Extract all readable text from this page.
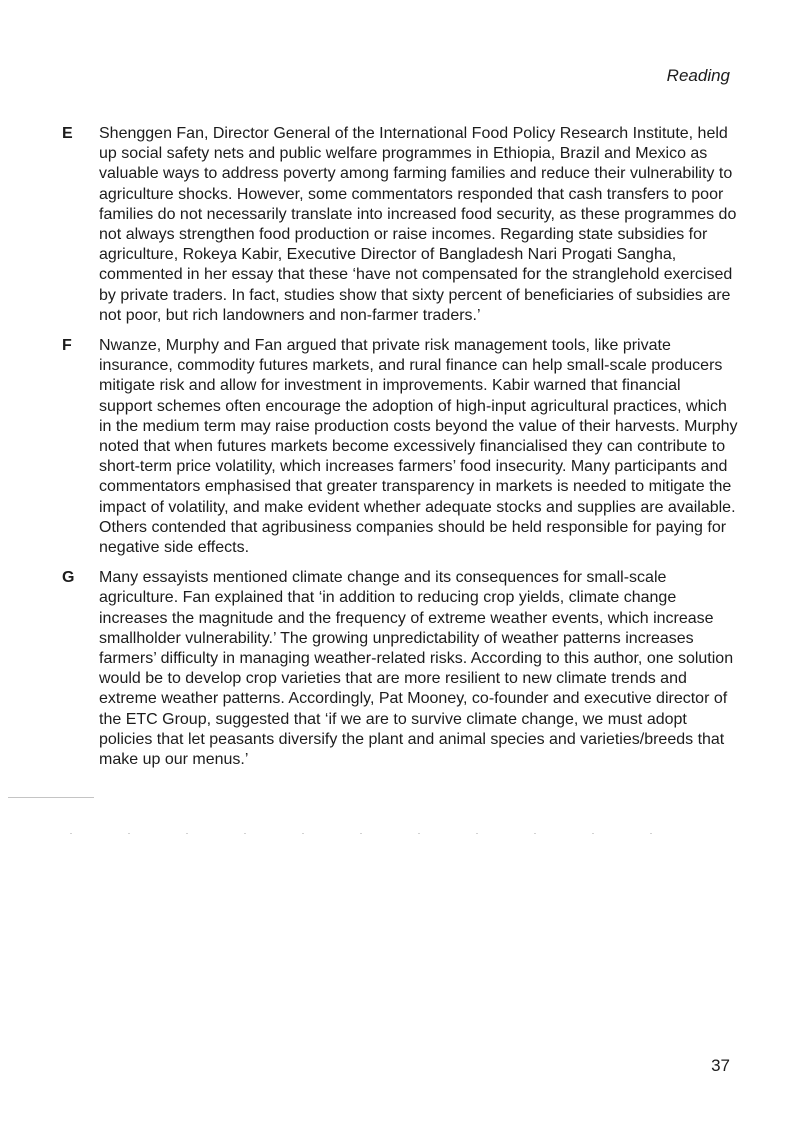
Reading
E	Shenggen Fan, Director General of the International Food Policy Research Institute, held up social safety nets and public welfare programmes in Ethiopia, Brazil and Mexico as valuable ways to address poverty among farming families and reduce their vulnerability to agriculture shocks. However, some commentators responded that cash transfers to poor families do not necessarily translate into increased food security, as these programmes do not always strengthen food production or raise incomes. Regarding state subsidies for agriculture, Rokeya Kabir, Executive Director of Bangladesh Nari Progati Sangha, commented in her essay that these ‘have not compensated for the stranglehold exercised by private traders. In fact, studies show that sixty percent of beneficiaries of subsidies are not poor, but rich landowners and non-farmer traders.’

F	Nwanze, Murphy and Fan argued that private risk management tools, like private insurance, commodity futures markets, and rural finance can help small-scale producers mitigate risk and allow for investment in improvements. Kabir warned that financial support schemes often encourage the adoption of high-input agricultural practices, which in the medium term may raise production costs beyond the value of their harvests. Murphy noted that when futures markets become excessively financialised they can contribute to short-term price volatility, which increases farmers’ food insecurity. Many participants and commentators emphasised that greater transparency in markets is needed to mitigate the impact of volatility, and make evident whether adequate stocks and supplies are available. Others contended that agribusiness companies should be held responsible for paying for negative side effects.

G	Many essayists mentioned climate change and its consequences for small-scale agriculture. Fan explained that ‘in addition to reducing crop yields, climate change increases the magnitude and the frequency of extreme weather events, which increase smallholder vulnerability.’ The growing unpredictability of weather patterns increases farmers’ difficulty in managing weather-related risks. According to this author, one solution would be to develop crop varieties that are more resilient to new climate trends and extreme weather patterns. Accordingly, Pat Mooney, co-founder and executive director of the ETC Group, suggested that ‘if we are to survive climate change, we must adopt policies that let peasants diversify the plant and animal species and varieties/breeds that make up our menus.’

37
